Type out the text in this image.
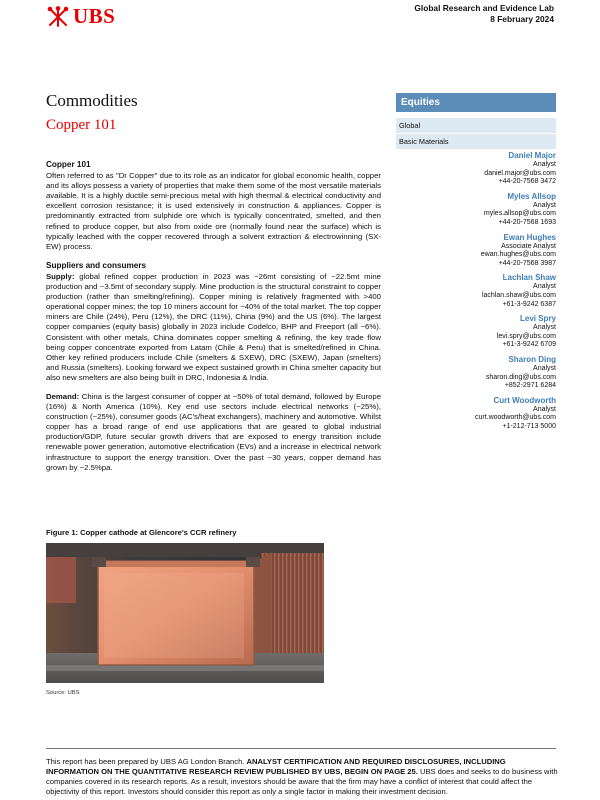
UBS	Global Research and Evidence Lab
8 February 2024
Commodities
Copper 101
Equities
Global
Basic Materials
Daniel Major
Analyst
daniel.major@ubs.com
+44-20-7568 3472
Myles Allsop
Analyst
myles.allsop@ubs.com
+44-20-7568 1693
Ewan Hughes
Associate Analyst
ewan.hughes@ubs.com
+44-20-7568 3987
Lachlan Shaw
Analyst
lachlan.shaw@ubs.com
+61-3-9242 6387
Levi Spry
Analyst
levi.spry@ubs.com
+61-3-9242 6709
Sharon Ding
Analyst
sharon.ding@ubs.com
+852-2971 6284
Curt Woodworth
Analyst
curt.woodworth@ubs.com
+1-212-713 5000
Copper 101

Often referred to as "Dr Copper" due to its role as an indicator for global economic health, copper and its alloys possess a variety of properties that make them some of the most versatile materials available. It is a highly ductile semi-precious metal with high thermal & electrical conductivity and excellent corrosion resistance; it is used extensively in construction & appliances. Copper is predominantly extracted from sulphide ore which is typically concentrated, smelted, and then refined to produce copper, but also from oxide ore (normally found near the surface) which is typically leached with the copper recovered through a solvent extraction & electrowinning (SX-EW) process.

Suppliers and consumers

Supply: global refined copper production in 2023 was ~26mt consisting of ~22.5mt mine production and ~3.5mt of secondary supply. Mine production is the structural constraint to copper production (rather than smelting/refining). Copper mining is relatively fragmented with >400 operational copper mines; the top 10 miners account for ~40% of the total market. The top copper miners are Chile (24%), Peru (12%), the DRC (11%), China (9%) and the US (6%). The largest copper companies (equity basis) globally in 2023 include Codelco, BHP and Freeport (all ~6%). Consistent with other metals, China dominates copper smelting & refining, the key trade flow being copper concentrate exported from Latam (Chile & Peru) that is smelted/refined in China. Other key refined producers include Chile (smelters & SXEW), DRC (SXEW), Japan (smelters) and Russia (smelters). Looking forward we expect sustained growth in China smelter capacity but also new smelters are also being built in DRC, Indonesia & India.

Demand: China is the largest consumer of copper at ~50% of total demand, followed by Europe (16%) & North America (10%). Key end use sectors include electrical networks (~25%), construction (~25%), consumer goods (AC's/heat exchangers), machinery and automotive. Whilst copper has a broad range of end use applications that are geared to global industrial production/GDP, future secular growth drivers that are exposed to energy transition include renewable power generation, automotive electrification (EVs) and a increase in electrical network infrastructure to support the energy transition. Over the past ~30 years, copper demand has grown by ~2.5%pa.

Figure 1: Copper cathode at Glencore's CCR refinery
Source: UBS
This report has been prepared by UBS AG London Branch. ANALYST CERTIFICATION AND REQUIRED DISCLOSURES, INCLUDING INFORMATION ON THE QUANTITATIVE RESEARCH REVIEW PUBLISHED BY UBS, BEGIN ON PAGE 25. UBS does and seeks to do business with companies covered in its research reports. As a result, investors should be aware that the firm may have a conflict of interest that could affect the objectivity of this report. Investors should consider this report as only a single factor in making their investment decision.
